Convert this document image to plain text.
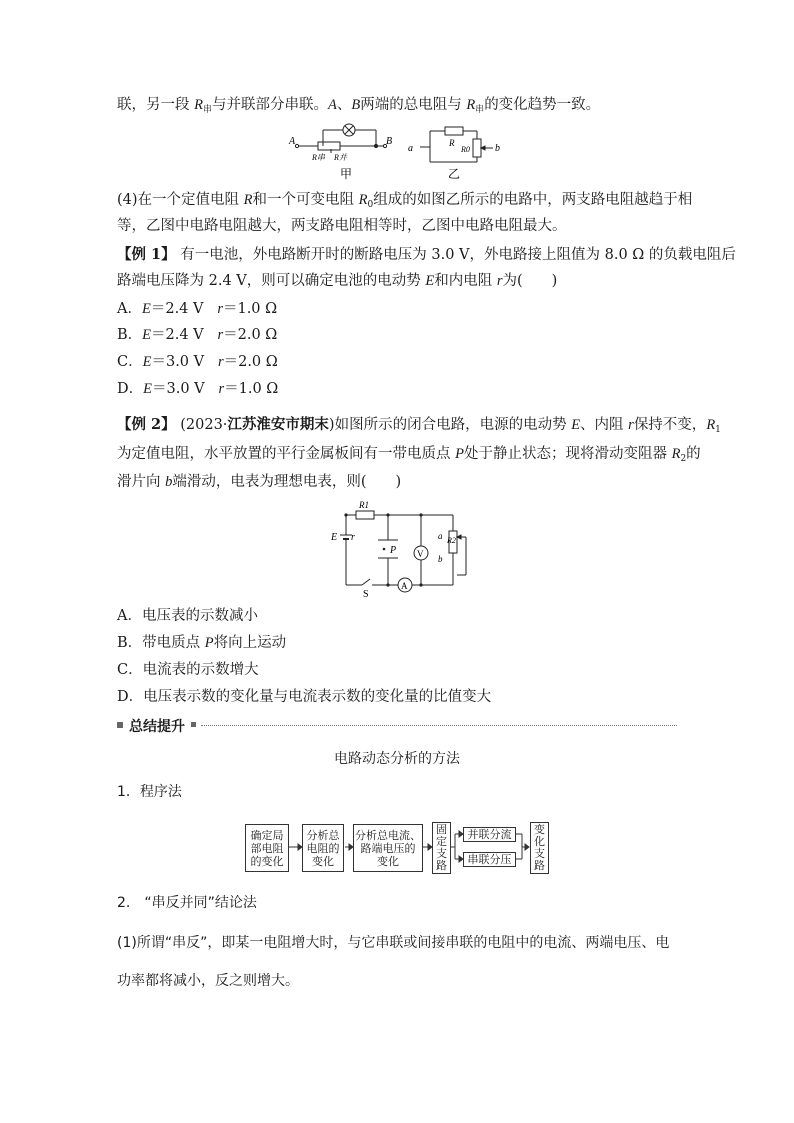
联，另一段 $R_串$与并联部分串联。A、B两端的总电阻与 $R_串$的变化趋势一致。
A	B
R串 R并
甲
a	b
R
R0
乙
(4)在一个定值电阻 R和一个可变电阻 $R_0$组成的如图乙所示的电路中，两支路电阻越趋于相
等，乙图中电路电阻越大，两支路电阻相等时，乙图中电路电阻最大。
【例 1】 有一电池，外电路断开时的断路电压为 3.0 V，外电路接上阻值为 8.0 Ω 的负载电阻后
路端电压降为 2.4 V，则可以确定电池的电动势 E和内电阻 r为(　　)
A．E＝2.4 V r＝1.0 Ω
B．E＝2.4 V r＝2.0 Ω
C．E＝3.0 V r＝2.0 Ω
D．E＝3.0 V r＝1.0 Ω
【例 2】 (2023·江苏淮安市期末)如图所示的闭合电路，电源的电动势 E、内阻 r保持不变，$R_1$
为定值电阻，水平放置的平行金属板间有一带电质点 P处于静止状态；现将滑动变阻器 $R_2$的
滑片向 b端滑动，电表为理想电表，则(　　)
R1
E r
P V
A
a
b
R2
S
A．电压表的示数减小
B．带电质点 P将向上运动
C．电流表的示数增大
D．电压表示数的变化量与电流表示数的变化量的比值变大
总结提升
电路动态分析的方法
1．程序法
确定局
部电阻
的变化
分析总
电阻的
变化
分析总电流、
路端电压的
变化
固
定
支
路
并联分流
串联分压
变
化
支
路
2.　“串反并同”结论法
(1)所谓“串反”，即某一电阻增大时，与它串联或间接串联的电阻中的电流、两端电压、电
功率都将减小，反之则增大。
